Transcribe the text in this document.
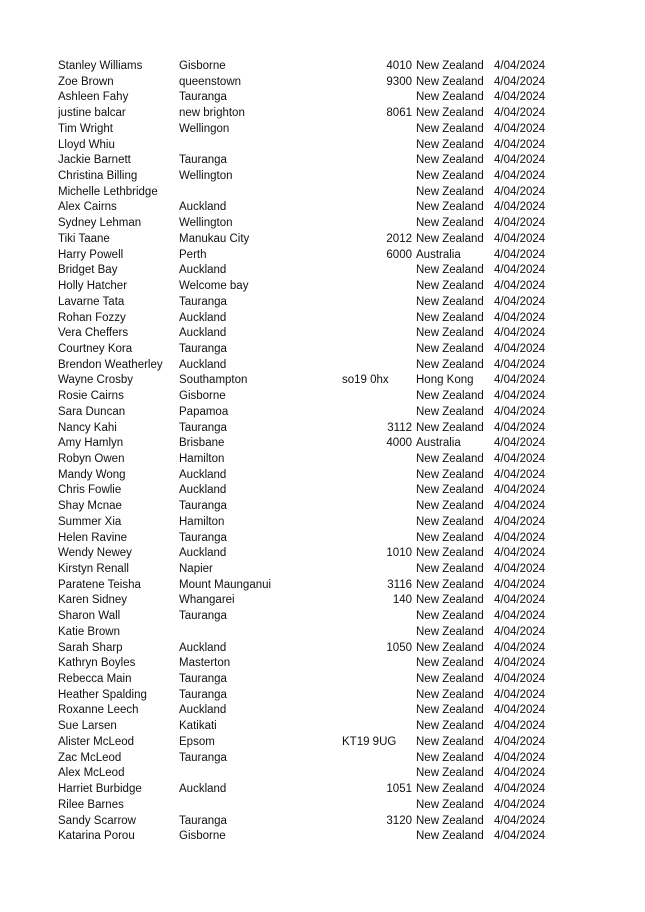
Stanley Williams	Gisborne	4010 New Zealand 4/04/2024
Zoe Brown	queenstown	9300 New Zealand 4/04/2024
Ashleen Fahy	Tauranga	New Zealand 4/04/2024
justine balcar	new brighton	8061 New Zealand 4/04/2024
Tim Wright	Wellingon	New Zealand 4/04/2024
Lloyd Whiu	New Zealand 4/04/2024
Jackie Barnett	Tauranga	New Zealand 4/04/2024
Christina Billing	Wellington	New Zealand 4/04/2024
Michelle Lethbridge	New Zealand 4/04/2024
Alex Cairns	Auckland	New Zealand 4/04/2024
Sydney Lehman	Wellington	New Zealand 4/04/2024
Tiki Taane	Manukau City	2012 New Zealand 4/04/2024
Harry Powell	Perth	6000 Australia	4/04/2024
Bridget Bay	Auckland	New Zealand 4/04/2024
Holly Hatcher	Welcome bay	New Zealand 4/04/2024
Lavarne Tata	Tauranga	New Zealand 4/04/2024
Rohan Fozzy	Auckland	New Zealand 4/04/2024
Vera Cheffers	Auckland	New Zealand 4/04/2024
Courtney Kora	Tauranga	New Zealand 4/04/2024
Brendon Weatherley	Auckland	New Zealand 4/04/2024
Wayne Crosby	Southampton	so19 0hx	Hong Kong	4/04/2024
Rosie Cairns	Gisborne	New Zealand 4/04/2024
Sara Duncan	Papamoa	New Zealand 4/04/2024
Nancy Kahi	Tauranga	3112 New Zealand 4/04/2024
Amy Hamlyn	Brisbane	4000 Australia	4/04/2024
Robyn Owen	Hamilton	New Zealand 4/04/2024
Mandy Wong	Auckland	New Zealand 4/04/2024
Chris Fowlie	Auckland	New Zealand 4/04/2024
Shay Mcnae	Tauranga	New Zealand 4/04/2024
Summer Xia	Hamilton	New Zealand 4/04/2024
Helen Ravine	Tauranga	New Zealand 4/04/2024
Wendy Newey	Auckland	1010 New Zealand 4/04/2024
Kirstyn Renall	Napier	New Zealand 4/04/2024
Paratene Teisha	Mount Maunganui	3116 New Zealand 4/04/2024
Karen Sidney	Whangarei	140 New Zealand 4/04/2024
Sharon Wall	Tauranga	New Zealand 4/04/2024
Katie Brown	New Zealand 4/04/2024
Sarah Sharp	Auckland	1050 New Zealand 4/04/2024
Kathryn Boyles	Masterton	New Zealand 4/04/2024
Rebecca Main	Tauranga	New Zealand 4/04/2024
Heather Spalding	Tauranga	New Zealand 4/04/2024
Roxanne Leech	Auckland	New Zealand 4/04/2024
Sue Larsen	Katikati	New Zealand 4/04/2024
Alister McLeod	Epsom	KT19 9UG	New Zealand 4/04/2024
Zac McLeod	Tauranga	New Zealand 4/04/2024
Alex McLeod	New Zealand 4/04/2024
Harriet Burbidge	Auckland	1051 New Zealand 4/04/2024
Rilee Barnes	New Zealand 4/04/2024
Sandy Scarrow	Tauranga	3120 New Zealand 4/04/2024
Katarina Porou	Gisborne	New Zealand 4/04/2024
